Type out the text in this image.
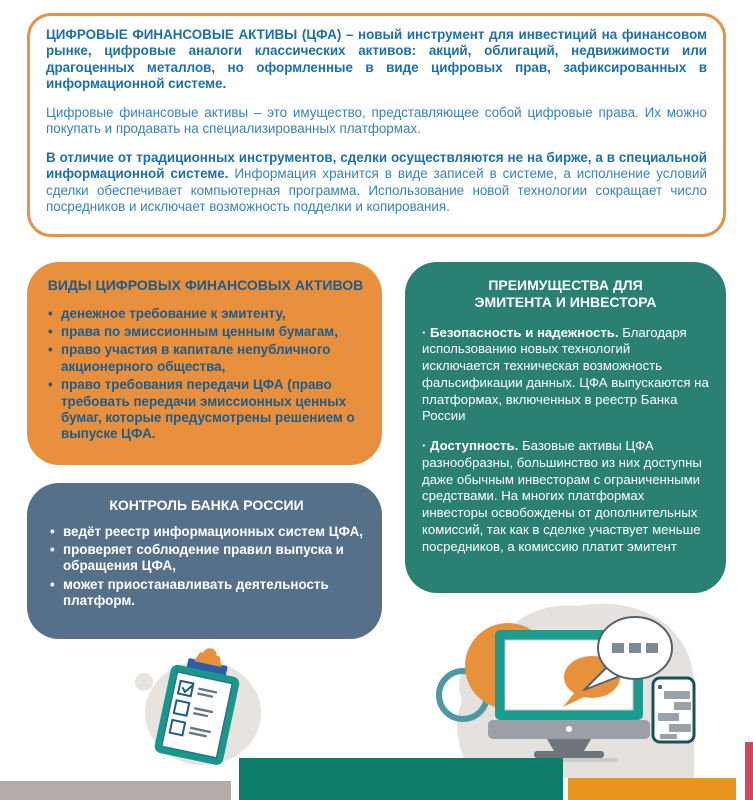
ЦИФРОВЫЕ ФИНАНСОВЫЕ АКТИВЫ (ЦФА) – новый инструмент для инвестиций на финансовом рынке, цифровые аналоги классических активов: акций, облигаций, недвижимости или драгоценных металлов, но оформленные в виде цифровых прав, зафиксированных в информационной системе.

Цифровые финансовые активы – это имущество, представляющее собой цифровые права. Их можно покупать и продавать на специализированных платформах.

В отличие от традиционных инструментов, сделки осуществляются не на бирже, а в специальной информационной системе. Информация хранится в виде записей в системе, а исполнение условий сделки обеспечивает компьютерная программа. Использование новой технологии сокращает число посредников и исключает возможность подделки и копирования.

ВИДЫ ЦИФРОВЫХ ФИНАНСОВЫХ АКТИВОВ
• денежное требование к эмитенту,
• права по эмиссионным ценным бумагам,
• право участия в капитале непубличного акционерного общества,
• право требования передачи ЦФА (право требовать передачи эмиссионных ценных бумаг, которые предусмотрены решением о выпуске ЦФА.
ПРЕИМУЩЕСТВА ДЛЯ
ЭМИТЕНТА И ИНВЕСТОРА

· Безопасность и надежность. Благодаря использованию новых технологий исключается техническая возможность фальсификации данных. ЦФА выпускаются на платформах, включенных в реестр Банка России

· Доступность. Базовые активы ЦФА разнообразны, большинство из них доступны даже обычным инвесторам с ограниченными средствами. На многих платформах инвесторы освобождены от дополнительных комиссий, так как в сделке участвует меньше посредников, а комиссию платит эмитент

КОНТРОЛЬ БАНКА РОССИИ
• ведёт реестр информационных систем ЦФА,
• проверяет соблюдение правил выпуска и обращения ЦФА,
• может приостанавливать деятельность платформ.
